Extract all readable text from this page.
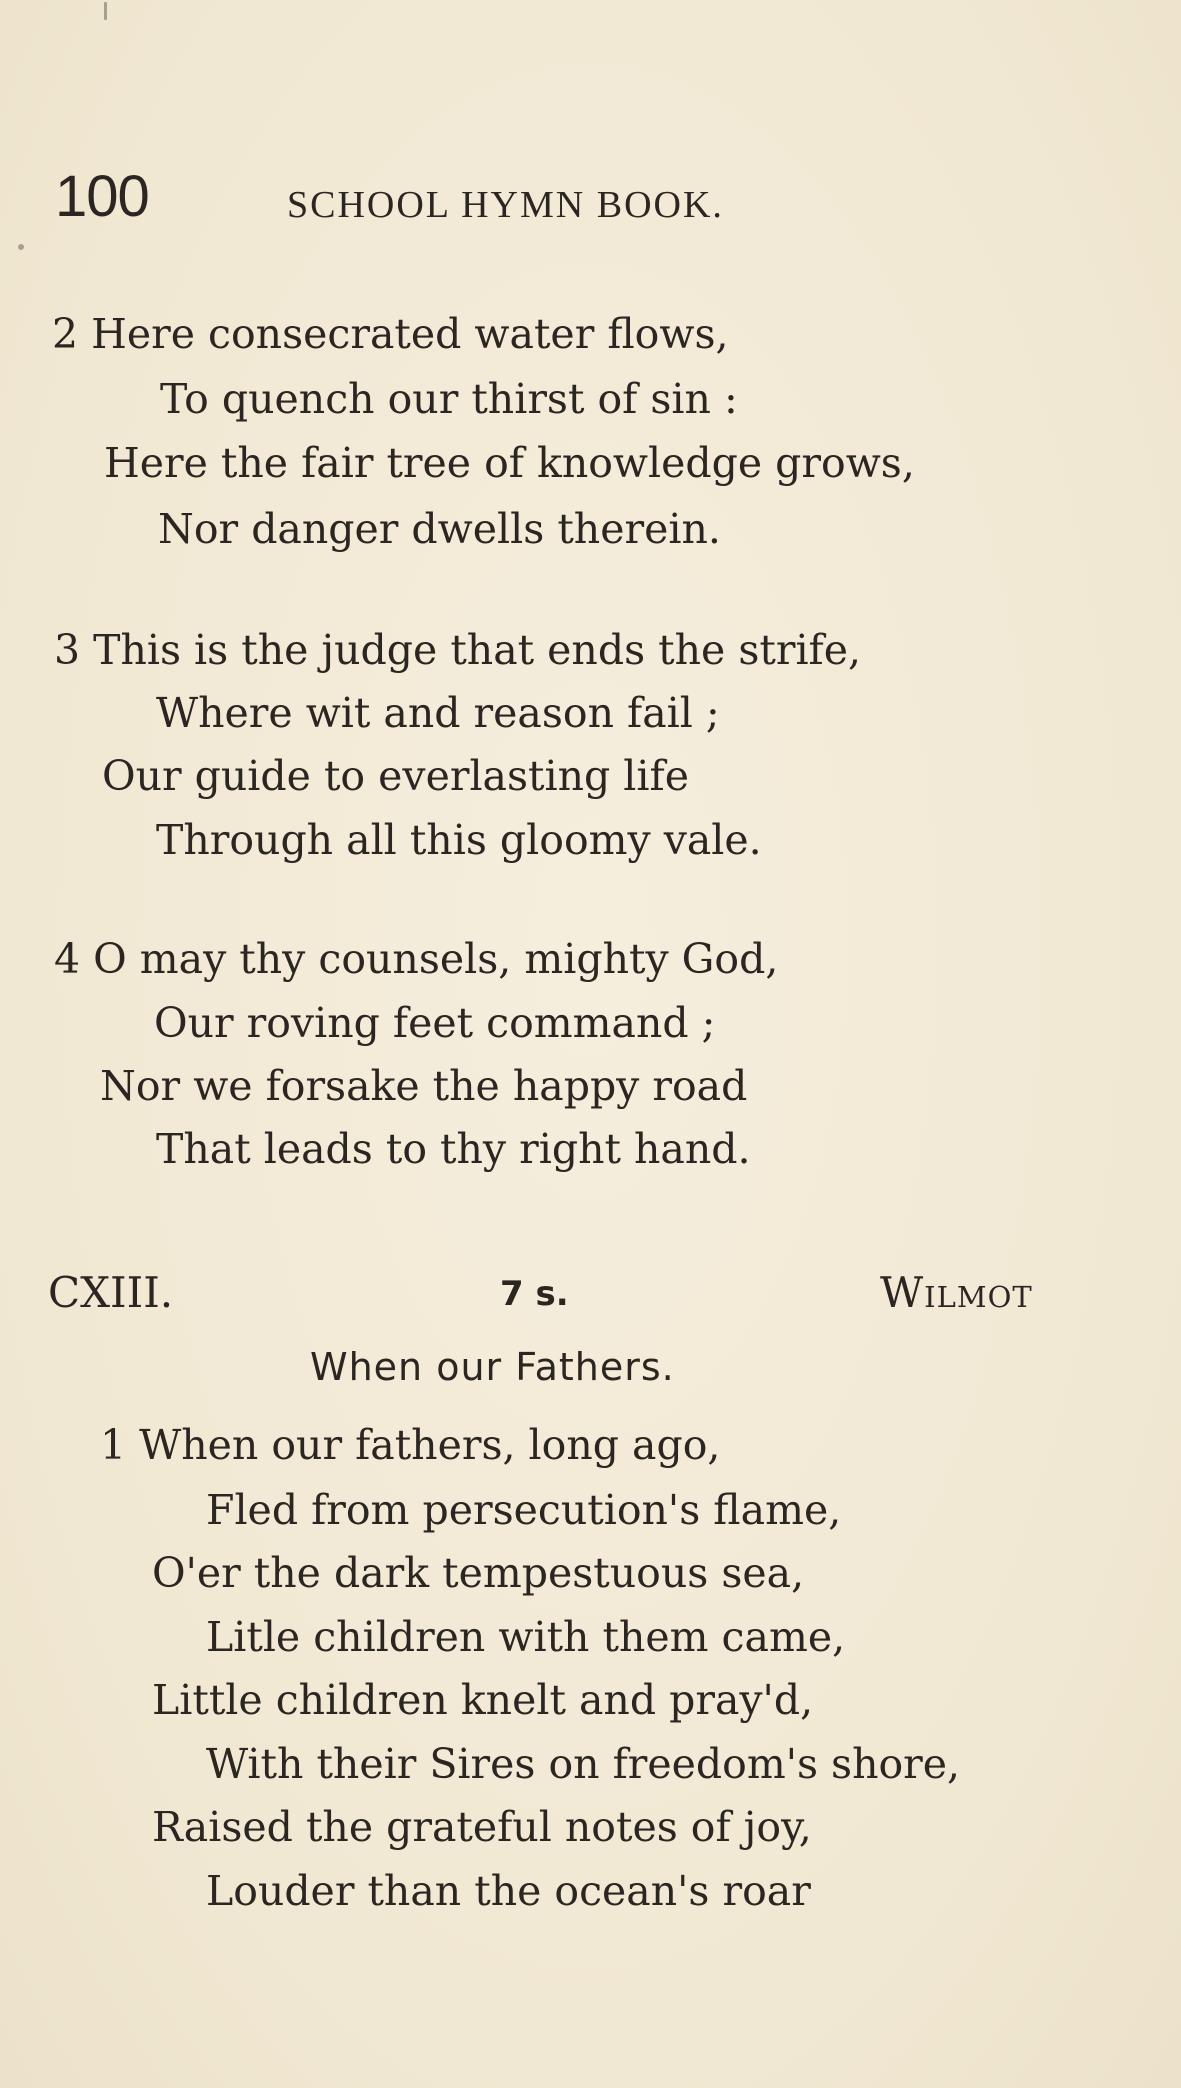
100	SCHOOL HYMN BOOK.
2 Here consecrated water flows,
To quench our thirst of sin :
Here the fair tree of knowledge grows,
Nor danger dwells therein.
3 This is the judge that ends the strife,
Where wit and reason fail ;
Our guide to everlasting life
Through all this gloomy vale.
4 O may thy counsels, mighty God,
Our roving feet command ;
Nor we forsake the happy road
That leads to thy right hand.
CXIII.	7 s.	Wilmot
When our Fathers.
1 When our fathers, long ago,
Fled from persecution's flame,
O'er the dark tempestuous sea,
Litle children with them came,
Little children knelt and pray'd,
With their Sires on freedom's shore,
Raised the grateful notes of joy,
Louder than the ocean's roar
